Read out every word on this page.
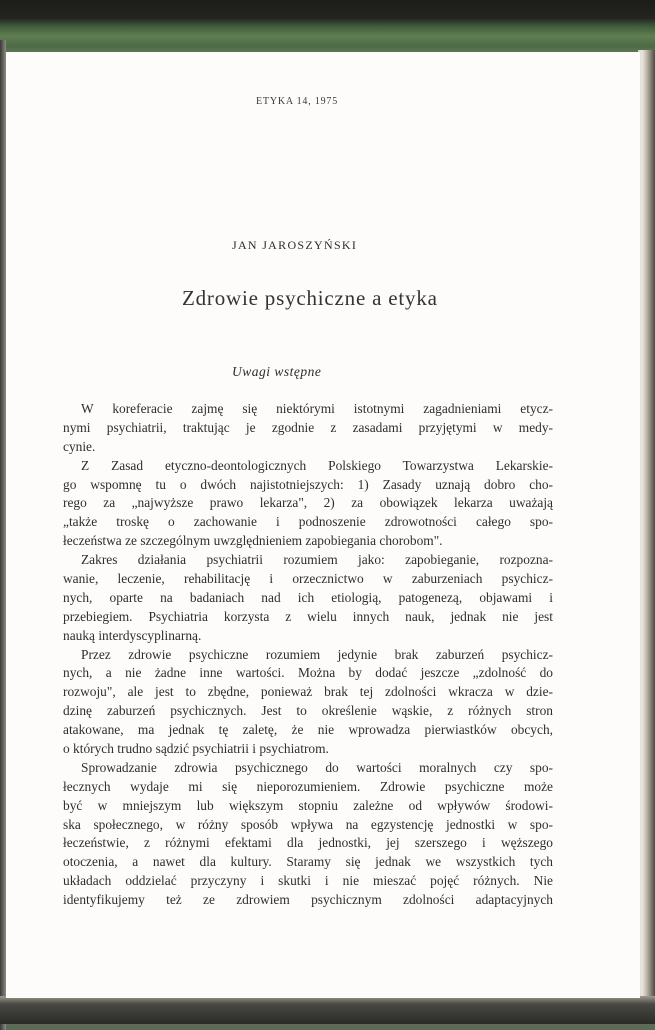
ETYKA 14, 1975
JAN JAROSZYŃSKI
Zdrowie psychiczne a etyka
Uwagi wstępne
W koreferacie zajmę się niektórymi istotnymi zagadnieniami etycz-
nymi psychiatrii, traktując je zgodnie z zasadami przyjętymi w medy-
cynie.
Z Zasad etyczno-deontologicznych Polskiego Towarzystwa Lekarskie-
go wspomnę tu o dwóch najistotniejszych: 1) Zasady uznają dobro cho-
rego za „najwyższe prawo lekarza", 2) za obowiązek lekarza uważają
„także troskę o zachowanie i podnoszenie zdrowotności całego spo-
łeczeństwa ze szczególnym uwzględnieniem zapobiegania chorobom".
Zakres działania psychiatrii rozumiem jako: zapobieganie, rozpozna-
wanie, leczenie, rehabilitację i orzecznictwo w zaburzeniach psychicz-
nych, oparte na badaniach nad ich etiologią, patogenezą, objawami i
przebiegiem. Psychiatria korzysta z wielu innych nauk, jednak nie jest
nauką interdyscyplinarną.
Przez zdrowie psychiczne rozumiem jedynie brak zaburzeń psychicz-
nych, a nie żadne inne wartości. Można by dodać jeszcze „zdolność do
rozwoju", ale jest to zbędne, ponieważ brak tej zdolności wkracza w dzie-
dzinę zaburzeń psychicznych. Jest to określenie wąskie, z różnych stron
atakowane, ma jednak tę zaletę, że nie wprowadza pierwiastków obcych,
o których trudno sądzić psychiatrii i psychiatrom.
Sprowadzanie zdrowia psychicznego do wartości moralnych czy spo-
łecznych wydaje mi się nieporozumieniem. Zdrowie psychiczne może
być w mniejszym lub większym stopniu zależne od wpływów środowi-
ska społecznego, w różny sposób wpływa na egzystencję jednostki w spo-
łeczeństwie, z różnymi efektami dla jednostki, jej szerszego i węższego
otoczenia, a nawet dla kultury. Staramy się jednak we wszystkich tych
układach oddzielać przyczyny i skutki i nie mieszać pojęć różnych. Nie
identyfikujemy też ze zdrowiem psychicznym zdolności adaptacyjnych
